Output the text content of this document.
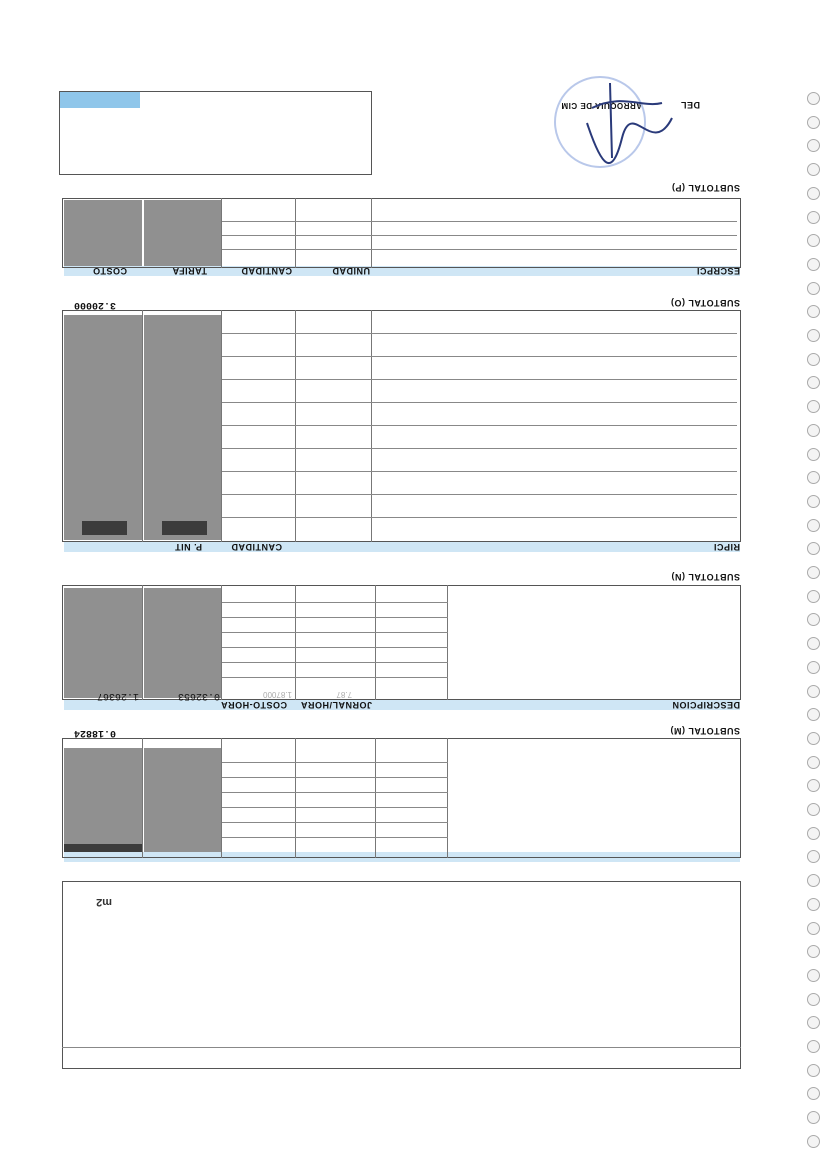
m2
SUBTOTAL (M)
0.18824
DESCRIPCION
JORNAL/HORA
COSTO-HORA
0.32653
1.26367	1.87000	7.87
SUBTOTAL (N)
RIPCI
CANTIDAD
P. NIT
SUBTOTAL (O)
3.20000
ESCRPCI
UNIDAD
CANTIDAD
TARIFA
COSTO
SUBTOTAL (P)
DEL
ARROQUIA DE CIM
